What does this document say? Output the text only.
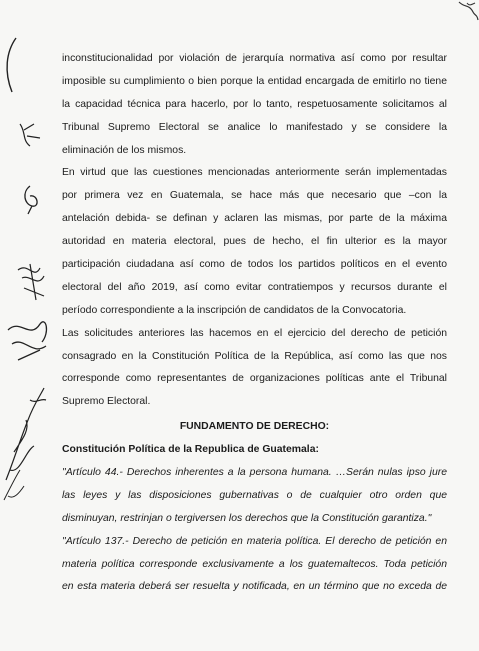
inconstitucionalidad por violación de jerarquía normativa así como por resultar
imposible su cumplimiento o bien porque la entidad encargada de emitirlo no tiene
la capacidad técnica para hacerlo, por lo tanto, respetuosamente solicitamos al
Tribunal Supremo Electoral se analice lo manifestado y se considere la
eliminación de los mismos.
En virtud que las cuestiones mencionadas anteriormente serán implementadas
por primera vez en Guatemala, se hace más que necesario que –con la
antelación debida- se definan y aclaren las mismas, por parte de la máxima
autoridad en materia electoral, pues de hecho, el fin ulterior es la mayor
participación ciudadana así como de todos los partidos políticos en el evento
electoral del año 2019, así como evitar contratiempos y recursos durante el
período correspondiente a la inscripción de candidatos de la Convocatoria.
Las solicitudes anteriores las hacemos en el ejercicio del derecho de petición
consagrado en la Constitución Política de la República, así como las que nos
corresponde como representantes de organizaciones políticas ante el Tribunal
Supremo Electoral.
FUNDAMENTO DE DERECHO:
Constitución Política de la Republica de Guatemala:
"Artículo 44.- Derechos inherentes a la persona humana. …Serán nulas ipso jure
las leyes y las disposiciones gubernativas o de cualquier otro orden que
disminuyan, restrinjan o tergiversen los derechos que la Constitución garantiza."
"Artículo 137.- Derecho de petición en materia política. El derecho de petición en
materia política corresponde exclusivamente a los guatemaltecos. Toda petición
en esta materia deberá ser resuelta y notificada, en un término que no exceda de
